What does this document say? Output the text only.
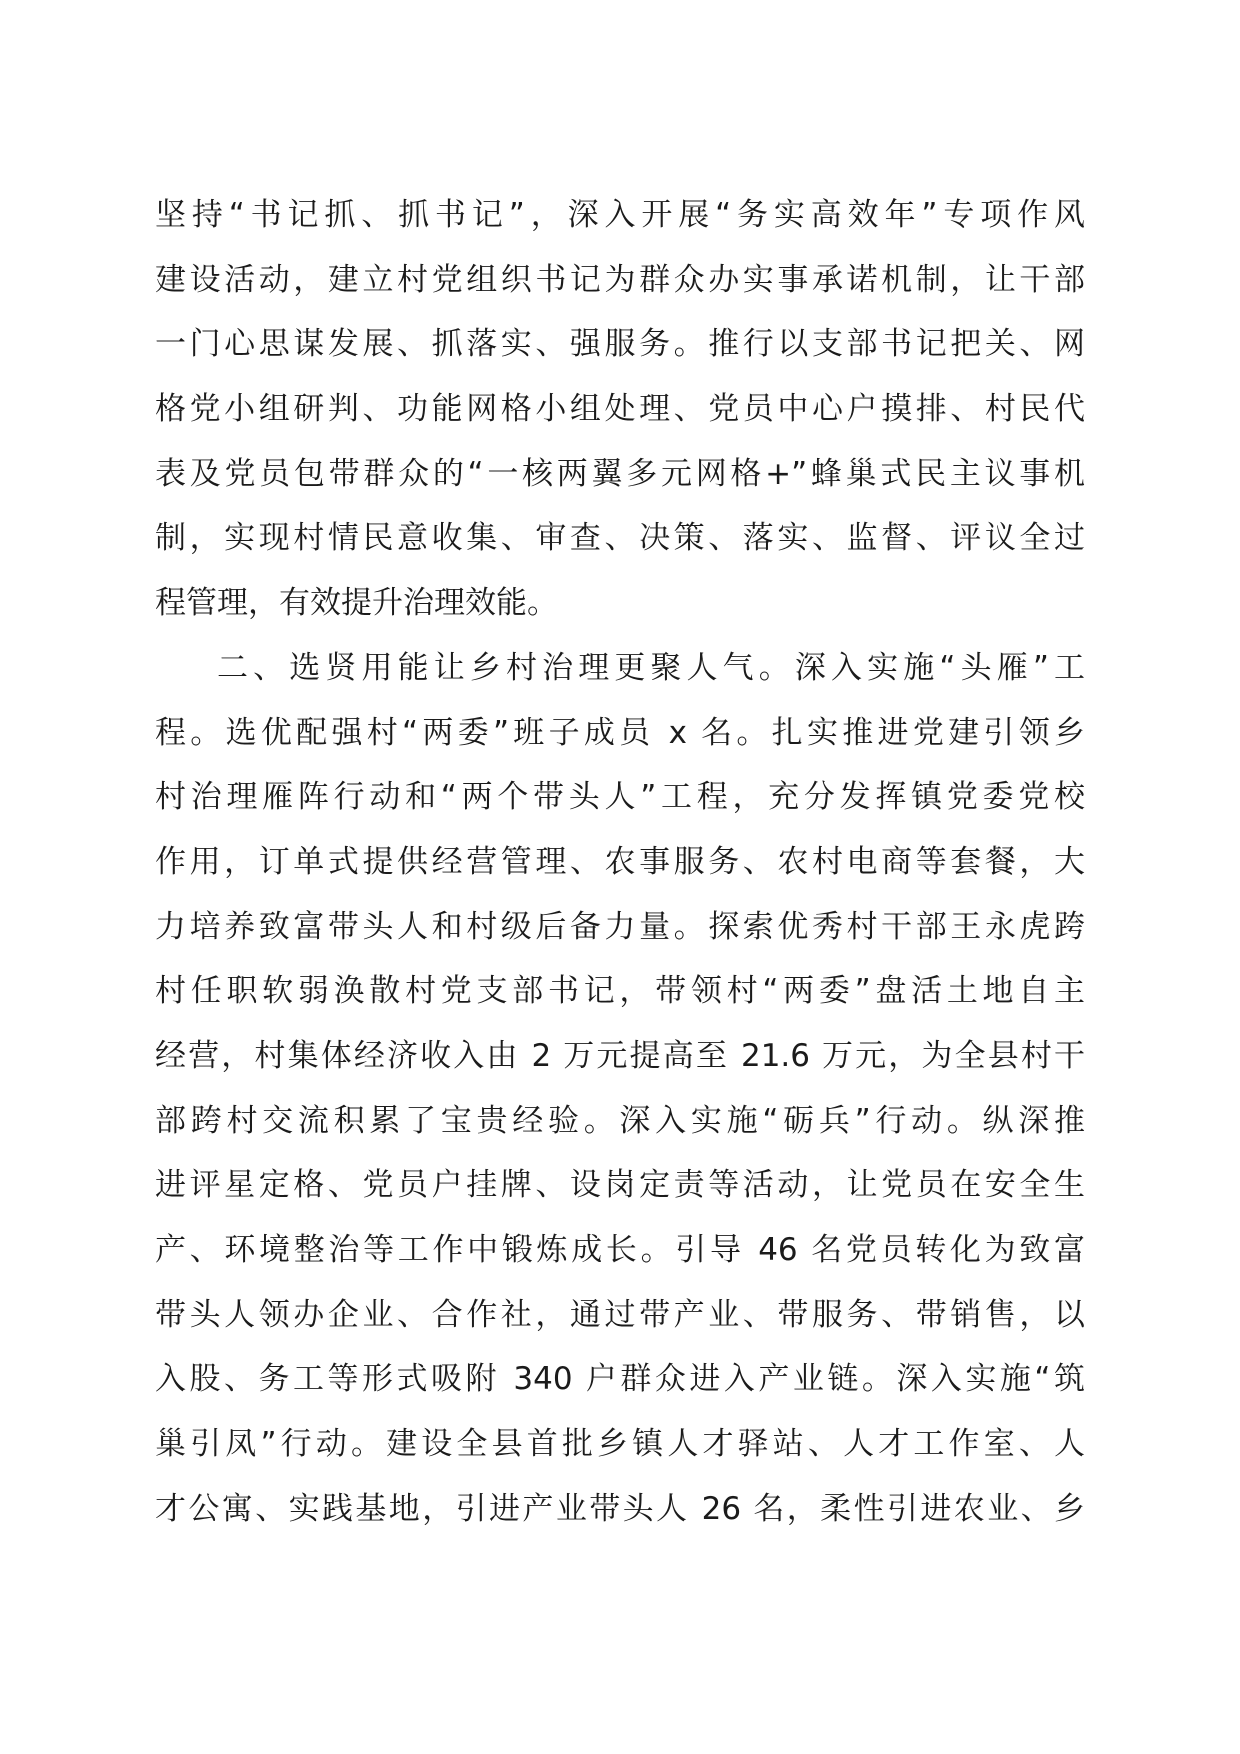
坚持“书记抓、抓书记”，深入开展“务实高效年”专项作风
建设活动，建立村党组织书记为群众办实事承诺机制，让干部
一门心思谋发展、抓落实、强服务。推行以支部书记把关、网
格党小组研判、功能网格小组处理、党员中心户摸排、村民代
表及党员包带群众的“一核两翼多元网格+”蜂巢式民主议事机
制，实现村情民意收集、审查、决策、落实、监督、评议全过
程管理，有效提升治理效能。
二、选贤用能让乡村治理更聚人气。深入实施“头雁”工
程。选优配强村“两委”班子成员 x 名。扎实推进党建引领乡
村治理雁阵行动和“两个带头人”工程，充分发挥镇党委党校
作用，订单式提供经营管理、农事服务、农村电商等套餐，大
力培养致富带头人和村级后备力量。探索优秀村干部王永虎跨
村任职软弱涣散村党支部书记，带领村“两委”盘活土地自主
经营，村集体经济收入由 2 万元提高至 21.6 万元，为全县村干
部跨村交流积累了宝贵经验。深入实施“砺兵”行动。纵深推
进评星定格、党员户挂牌、设岗定责等活动，让党员在安全生
产、环境整治等工作中锻炼成长。引导 46 名党员转化为致富
带头人领办企业、合作社，通过带产业、带服务、带销售，以
入股、务工等形式吸附 340 户群众进入产业链。深入实施“筑
巢引凤”行动。建设全县首批乡镇人才驿站、人才工作室、人
才公寓、实践基地，引进产业带头人 26 名，柔性引进农业、乡
